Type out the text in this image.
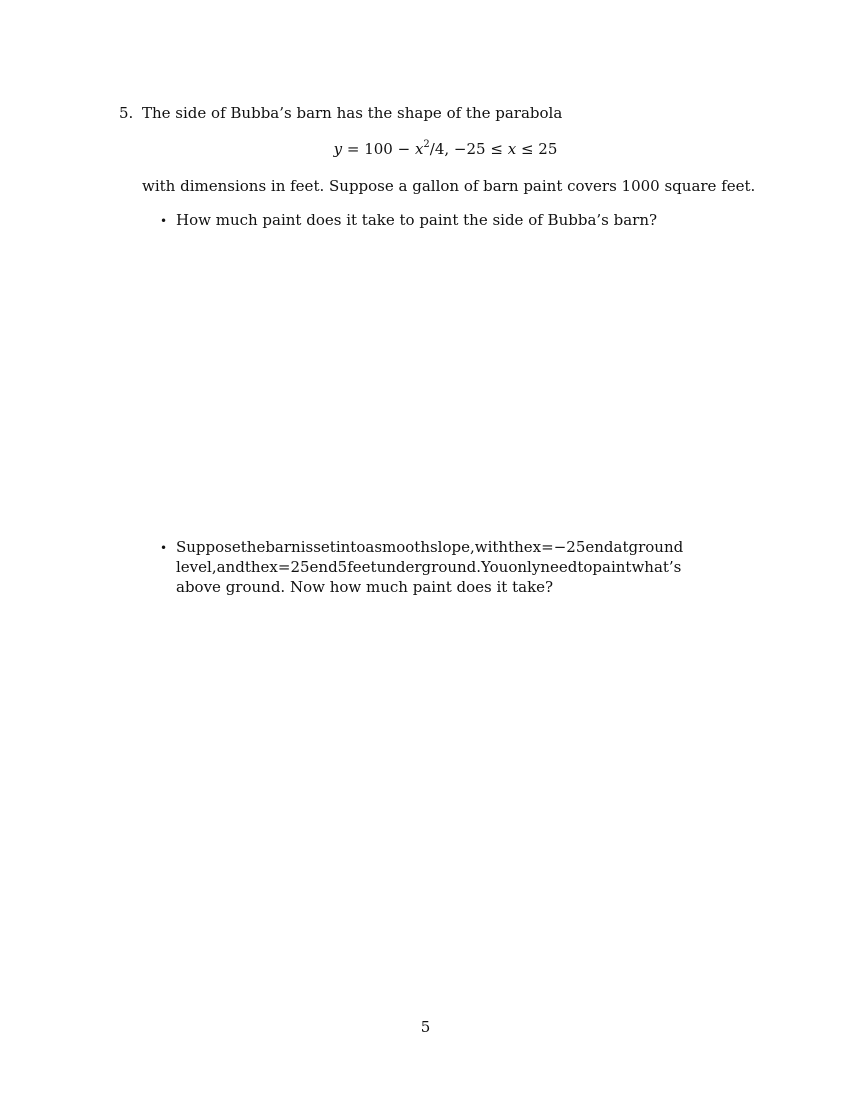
5. The side of Bubba’s barn has the shape of the parabola
$y = 100 - x^2/4$, −25 ≤ x ≤ 25
with dimensions in feet. Suppose a gallon of barn paint covers 1000 square feet.
• How much paint does it take to paint the side of Bubba’s barn?
• Supposethebarnissetintoasmoothslope,withthex=−25endatground
level,andthex=25end5feetunderground.Youonlyneedtopaintwhat’s
above ground. Now how much paint does it take?
5
